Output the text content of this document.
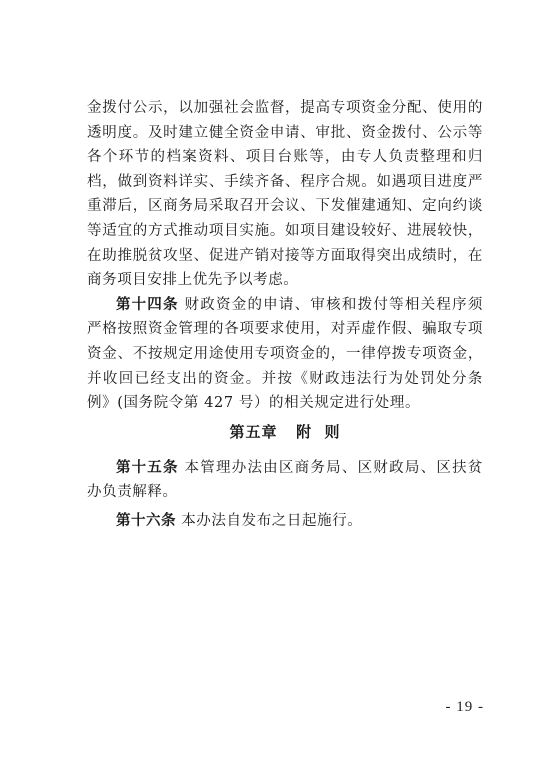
金拨付公示，以加强社会监督，提高专项资金分配、使用的透明度。及时建立健全资金申请、审批、资金拨付、公示等各个环节的档案资料、项目台账等，由专人负责整理和归档，做到资料详实、手续齐备、程序合规。如遇项目进度严重滞后，区商务局采取召开会议、下发催建通知、定向约谈等适宜的方式推动项目实施。如项目建设较好、进展较快，在助推脱贫攻坚、促进产销对接等方面取得突出成绩时，在商务项目安排上优先予以考虑。

第十四条 财政资金的申请、审核和拨付等相关程序须严格按照资金管理的各项要求使用，对弄虚作假、骗取专项资金、不按规定用途使用专项资金的，一律停拨专项资金，并收回已经支出的资金。并按《财政违法行为处罚处分条例》(国务院令第 427 号）的相关规定进行处理。

第五章   附  则

第十五条 本管理办法由区商务局、区财政局、区扶贫办负责解释。

第十六条 本办法自发布之日起施行。

- 19 -
